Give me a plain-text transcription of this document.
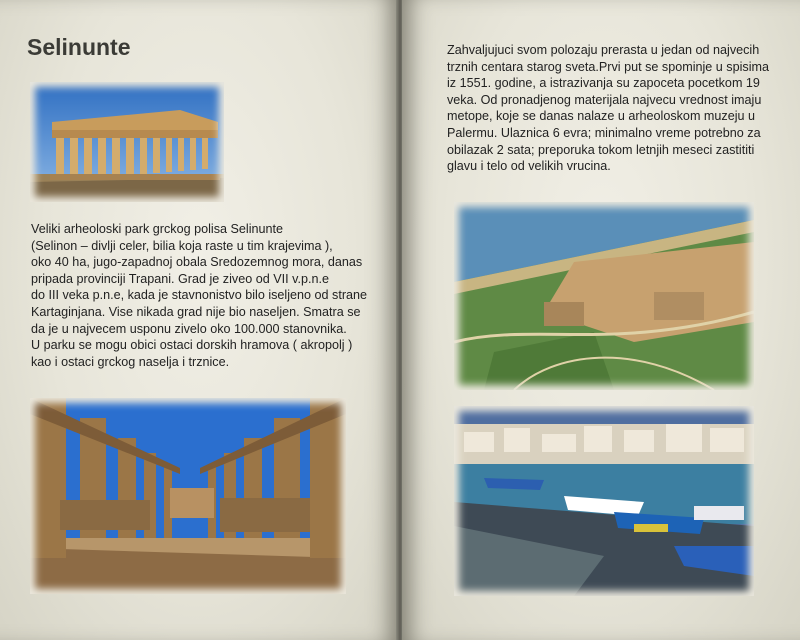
Selinunte

Veliki arheoloski park grckog polisa Selinunte
(Selinon – divlji celer, bilia koja raste u tim krajevima ),
oko 40 ha, jugo-zapadnoj obala Sredozemnog mora, danas
pripada provinciji Trapani. Grad je ziveo od VII v.p.n.e
do III veka p.n.e, kada je stavnonistvo bilo iseljeno od strane
Kartaginjana. Vise nikada grad nije bio naseljen. Smatra se
da je u najvecem usponu zivelo oko 100.000 stanovnika.
U parku se mogu obici ostaci dorskih hramova ( akropolj )
kao i ostaci grckog naselja i trznice.

Zahvaljujuci svom polozaju prerasta u jedan od najvecih
trznih centara starog sveta.Prvi put se spominje u spisima
iz 1551. godine, a istrazivanja su zapoceta pocetkom 19
veka. Od pronadjenog materijala najvecu vrednost imaju
metope, koje se danas nalaze u arheoloskom muzeju u
Palermu. Ulaznica 6 evra; minimalno vreme potrebno za
obilazak 2 sata; preporuka tokom letnjih meseci zastititi
glavu i telo od velikih vrucina.
